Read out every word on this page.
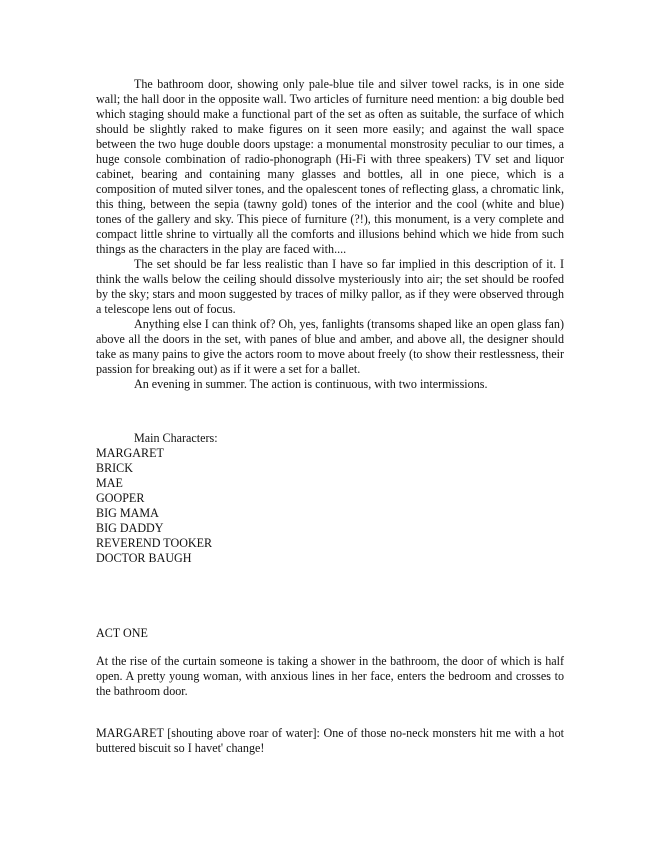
The bathroom door, showing only pale-blue tile and silver towel racks, is in one side wall; the hall door in the opposite wall. Two articles of furniture need mention: a big double bed which staging should make a functional part of the set as often as suitable, the surface of which should be slightly raked to make figures on it seen more easily; and against the wall space between the two huge double doors upstage: a monumental monstrosity peculiar to our times, a huge console combination of radio-phonograph (Hi-Fi with three speakers) TV set and liquor cabinet, bearing and containing many glasses and bottles, all in one piece, which is a composition of muted silver tones, and the opalescent tones of reflecting glass, a chromatic link, this thing, between the sepia (tawny gold) tones of the interior and the cool (white and blue) tones of the gallery and sky. This piece of furniture (?!), this monument, is a very complete and compact little shrine to virtually all the comforts and illusions behind which we hide from such things as the characters in the play are faced with....

The set should be far less realistic than I have so far implied in this description of it. I think the walls below the ceiling should dissolve mysteriously into air; the set should be roofed by the sky; stars and moon suggested by traces of milky pallor, as if they were observed through a telescope lens out of focus.

Anything else I can think of? Oh, yes, fanlights (transoms shaped like an open glass fan) above all the doors in the set, with panes of blue and amber, and above all, the designer should take as many pains to give the actors room to move about freely (to show their restlessness, their passion for breaking out) as if it were a set for a ballet.

An evening in summer. The action is continuous, with two intermissions.

Main Characters:

MARGARET
BRICK
MAE
GOOPER
BIG MAMA
BIG DADDY
REVEREND TOOKER
DOCTOR BAUGH
ACT ONE

At the rise of the curtain someone is taking a shower in the bathroom, the door of which is half open. A pretty young woman, with anxious lines in her face, enters the bedroom and crosses to the bathroom door.

MARGARET [shouting above roar of water]: One of those no-neck monsters hit me with a hot buttered biscuit so I havet' change!
